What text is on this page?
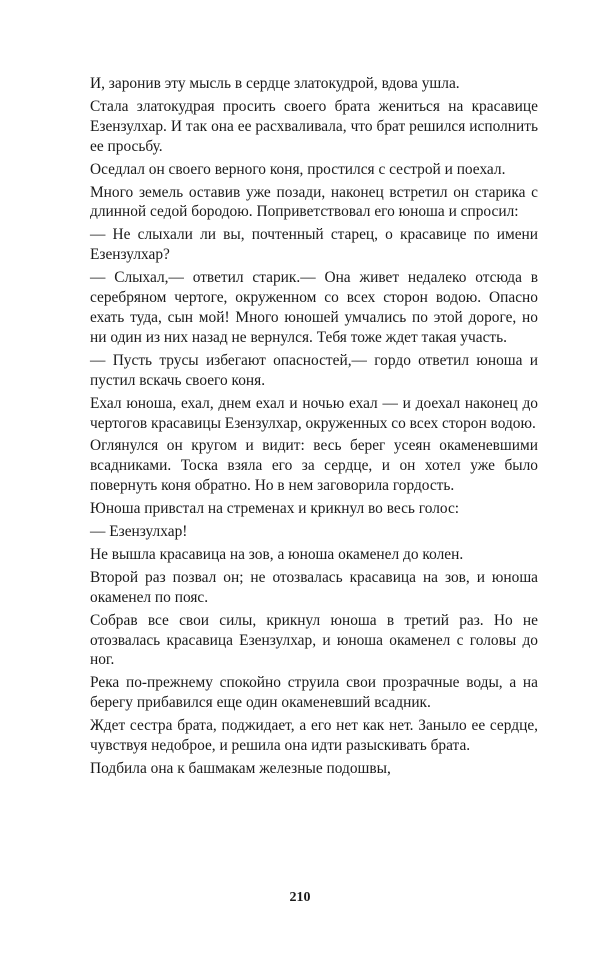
И, заронив эту мысль в сердце златокудрой, вдова ушла.

Стала златокудрая просить своего брата жениться на красавице Езензулхар. И так она ее расхваливала, что брат решился исполнить ее просьбу.

Оседлал он своего верного коня, простился с сестрой и поехал.

Много земель оставив уже позади, наконец встретил он старика с длинной седой бородою. Поприветствовал его юноша и спросил:

— Не слыхали ли вы, почтенный старец, о красавице по имени Езензулхар?

— Слыхал,— ответил старик.— Она живет недалеко отсюда в серебряном чертоге, окруженном со всех сторон водою. Опасно ехать туда, сын мой! Много юношей умчались по этой дороге, но ни один из них назад не вернулся. Тебя тоже ждет такая участь.

— Пусть трусы избегают опасностей,— гордо ответил юноша и пустил вскачь своего коня.

Ехал юноша, ехал, днем ехал и ночью ехал — и доехал наконец до чертогов красавицы Езензулхар, окруженных со всех сторон водою.

Оглянулся он кругом и видит: весь берег усеян окаменевшими всадниками. Тоска взяла его за сердце, и он хотел уже было повернуть коня обратно. Но в нем заговорила гордость.

Юноша привстал на стременах и крикнул во весь голос:

— Езензулхар!

Не вышла красавица на зов, а юноша окаменел до колен.

Второй раз позвал он; не отозвалась красавица на зов, и юноша окаменел по пояс.

Собрав все свои силы, крикнул юноша в третий раз. Но не отозвалась красавица Езензулхар, и юноша окаменел с головы до ног.

Река по-прежнему спокойно струила свои прозрачные воды, а на берегу прибавился еще один окаменевший всадник.

Ждет сестра брата, поджидает, а его нет как нет. Заныло ее сердце, чувствуя недоброе, и решила она идти разыскивать брата.

Подбила она к башмакам железные подошвы,

210
